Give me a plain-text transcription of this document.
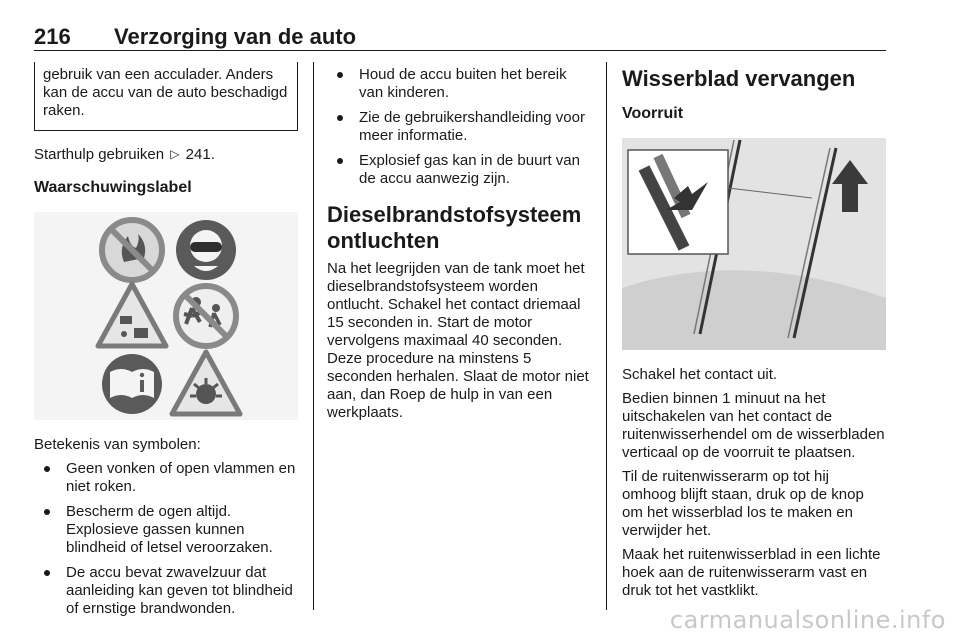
216 Verzorging van de auto
gebruik van een acculader. Anders kan de accu van de auto beschadigd raken.

Starthulp gebruiken ▷ 241.

Waarschuwingslabel

Betekenis van symbolen:

Geen vonken of open vlammen en niet roken.
Bescherm de ogen altijd. Explosieve gassen kunnen blindheid of letsel veroorzaken.
De accu bevat zwavelzuur dat aanleiding kan geven tot blindheid of ernstige brandwonden.
Houd de accu buiten het bereik van kinderen.
Zie de gebruikershandleiding voor meer informatie.
Explosief gas kan in de buurt van de accu aanwezig zijn.
Dieselbrandstofsysteem ontluchten

Na het leegrijden van de tank moet het dieselbrandstofsysteem worden ontlucht. Schakel het contact driemaal 15 seconden in. Start de motor vervolgens maximaal 40 seconden. Deze procedure na minstens 5 seconden herhalen. Slaat de motor niet aan, dan Roep de hulp in van een werkplaats.

Wisserblad vervangen
Voorruit

Schakel het contact uit.

Bedien binnen 1 minuut na het uitschakelen van het contact de ruitenwisserhendel om de wisserbladen verticaal op de voorruit te plaatsen.

Til de ruitenwisserarm op tot hij omhoog blijft staan, druk op de knop om het wisserblad los te maken en verwijder het.

Maak het ruitenwisserblad in een lichte hoek aan de ruitenwisserarm vast en druk tot het vastklikt.

carmanualsonline.info
